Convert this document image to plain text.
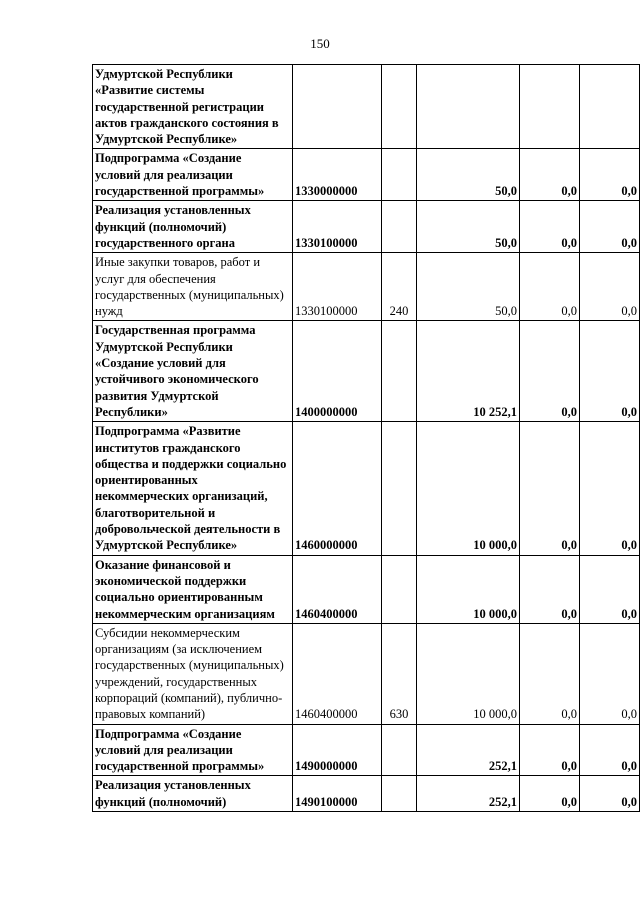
150
Удмуртской Республики «Развитие системы государственной регистрации актов гражданского состояния в Удмуртской Республике»					
Подпрограмма «Создание условий для реализации государственной программы»	1330000000		50,0	0,0	0,0
Реализация установленных функций (полномочий) государственного органа	1330100000		50,0	0,0	0,0
Иные закупки товаров, работ и услуг для обеспечения государственных (муниципальных) нужд	1330100000	240	50,0	0,0	0,0
Государственная программа Удмуртской Республики «Создание условий для устойчивого экономического развития Удмуртской Республики»	1400000000		10 252,1	0,0	0,0
Подпрограмма «Развитие институтов гражданского общества и поддержки социально ориентированных некоммерческих организаций, благотворительной и добровольческой деятельности в Удмуртской Республике»	1460000000		10 000,0	0,0	0,0
Оказание финансовой и экономической поддержки социально ориентированным некоммерческим организациям	1460400000		10 000,0	0,0	0,0
Субсидии некоммерческим организациям (за исключением государственных (муниципальных) учреждений, государственных корпораций (компаний), публично-правовых компаний)	1460400000	630	10 000,0	0,0	0,0
Подпрограмма «Создание условий для реализации государственной программы»	1490000000		252,1	0,0	0,0
Реализация установленных функций (полномочий)	1490100000		252,1	0,0	0,0
